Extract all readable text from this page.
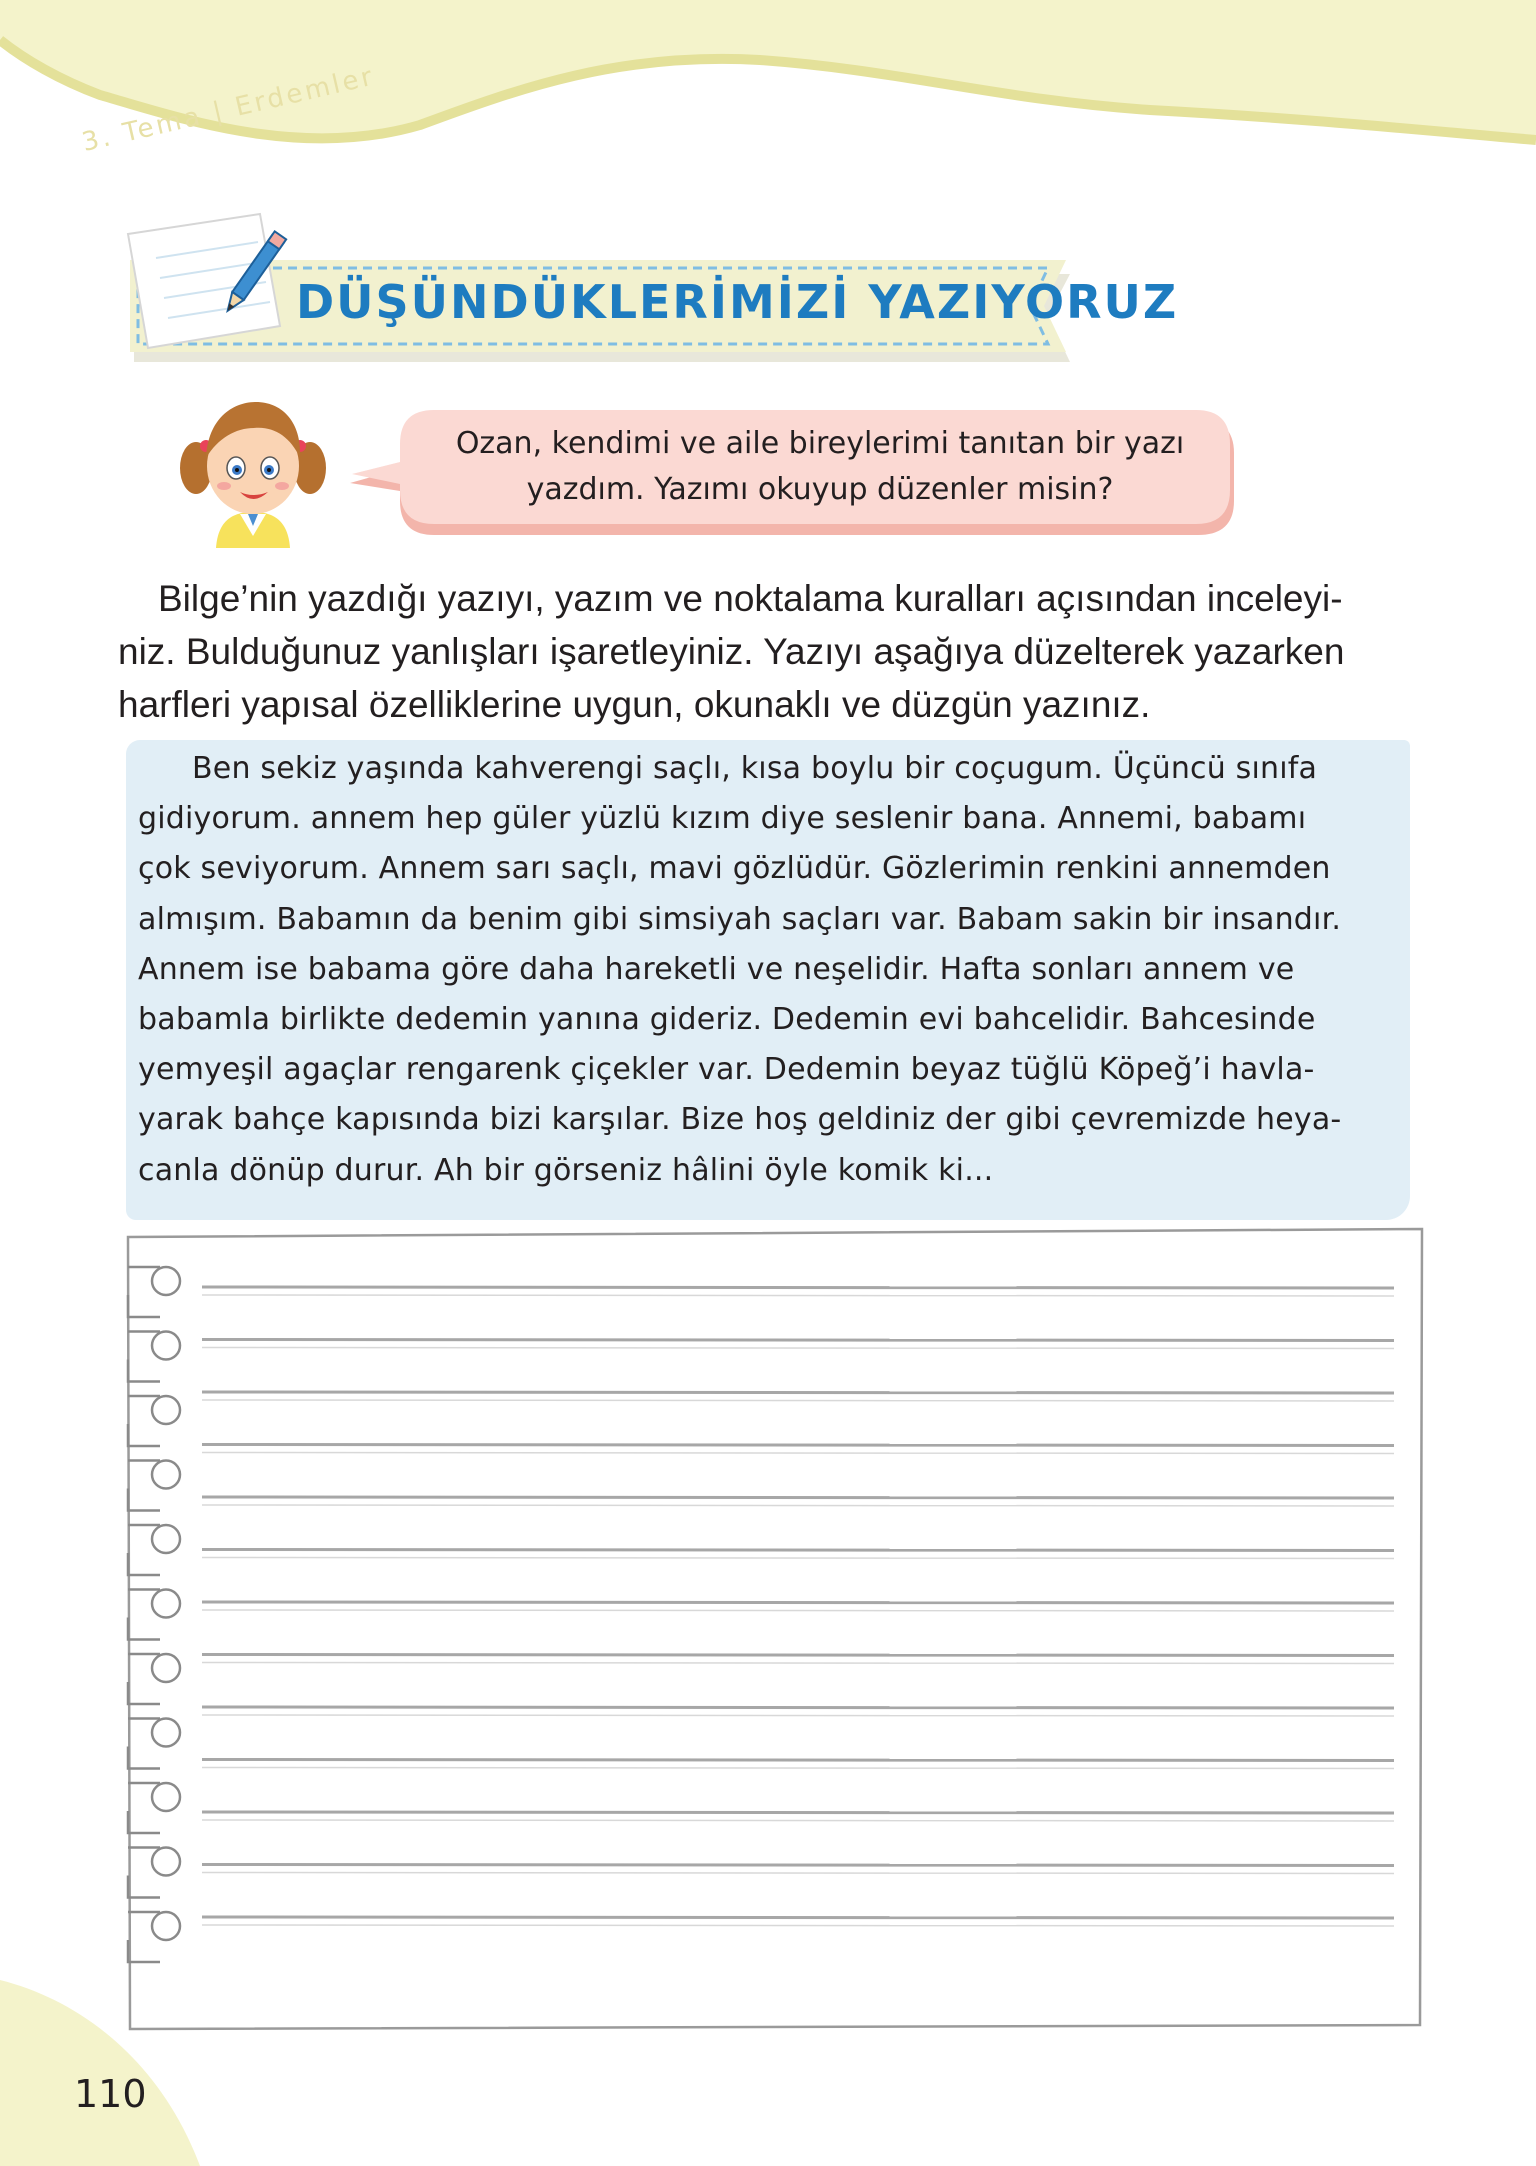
3. Tema | Erdemler
DÜŞÜNDÜKLERİMİZİ YAZIYORUZ
Ozan, kendimi ve aile bireylerimi tanıtan bir yazı
yazdım. Yazımı okuyup düzenler misin?
Bilge’nin yazdığı yazıyı, yazım ve noktalama kuralları açısından inceleyi-
niz. Bulduğunuz yanlışları işaretleyiniz. Yazıyı aşağıya düzelterek yazarken
harfleri yapısal özelliklerine uygun, okunaklı ve düzgün yazınız.
Ben sekiz yaşında kahverengi saçlı, kısa boylu bir coçugum. Üçüncü sınıfa
gidiyorum. annem hep güler yüzlü kızım diye seslenir bana. Annemi, babamı
çok seviyorum. Annem sarı saçlı, mavi gözlüdür. Gözlerimin renkini annemden
almışım. Babamın da benim gibi simsiyah saçları var. Babam sakin bir insandır.
Annem ise babama göre daha hareketli ve neşelidir. Hafta sonları annem ve
babamla birlikte dedemin yanına gideriz. Dedemin evi bahcelidir. Bahcesinde
yemyeşil agaçlar rengarenk çiçekler var. Dedemin beyaz tüğlü Köpeğ’i havla-
yarak bahçe kapısında bizi karşılar. Bize hoş geldiniz der gibi çevremizde heya-
canla dönüp durur. Ah bir görseniz hâlini öyle komik ki...
110
